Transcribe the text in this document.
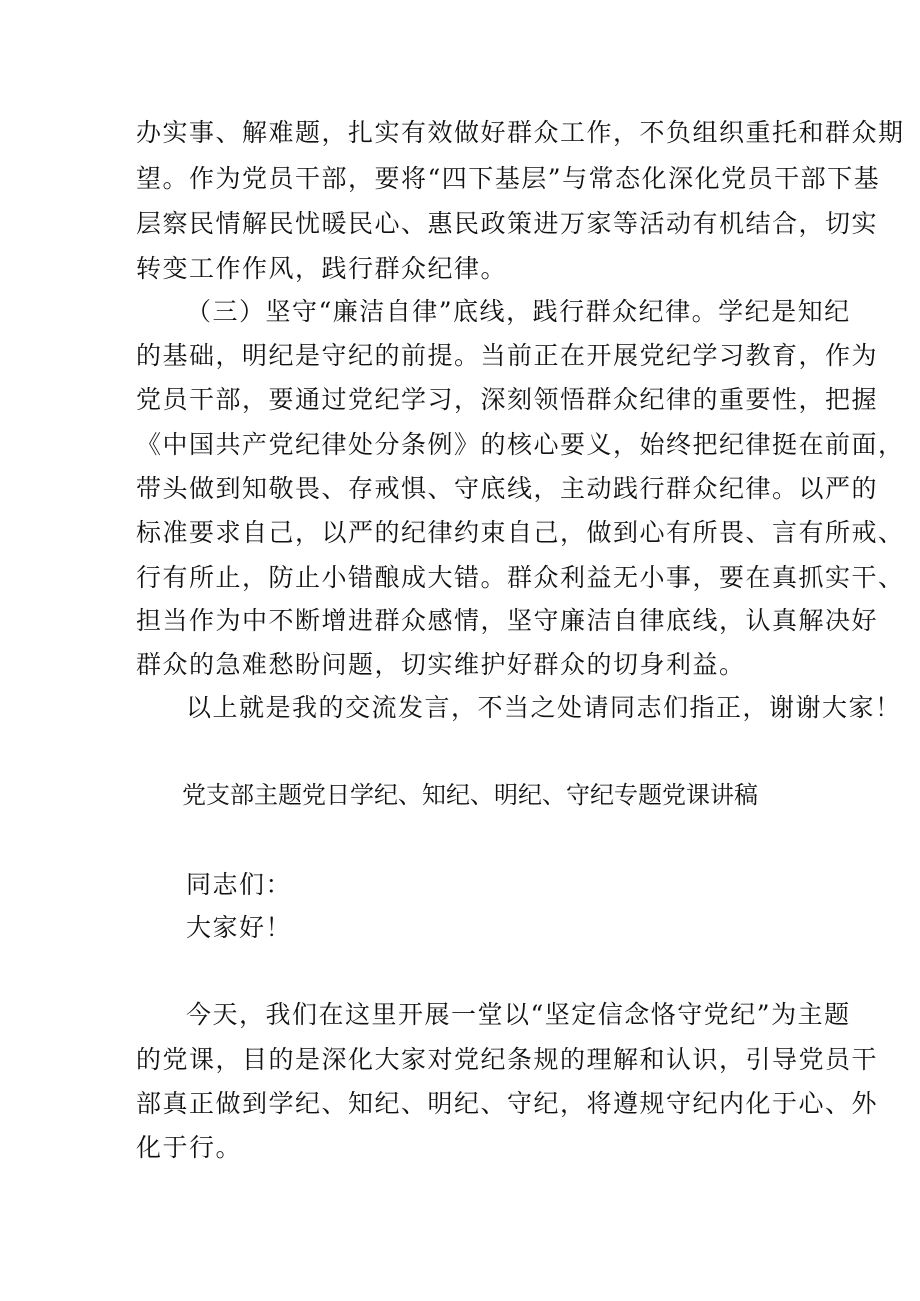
办实事、解难题，扎实有效做好群众工作，不负组织重托和群众期
望。作为党员干部，要将“四下基层”与常态化深化党员干部下基
层察民情解民忧暖民心、惠民政策进万家等活动有机结合，切实
转变工作作风，践行群众纪律。
（三）坚守“廉洁自律”底线，践行群众纪律。学纪是知纪
的基础，明纪是守纪的前提。当前正在开展党纪学习教育，作为
党员干部，要通过党纪学习，深刻领悟群众纪律的重要性，把握
《中国共产党纪律处分条例》的核心要义，始终把纪律挺在前面，
带头做到知敬畏、存戒惧、守底线，主动践行群众纪律。以严的
标准要求自己，以严的纪律约束自己，做到心有所畏、言有所戒、
行有所止，防止小错酿成大错。群众利益无小事，要在真抓实干、
担当作为中不断增进群众感情，坚守廉洁自律底线，认真解决好
群众的急难愁盼问题，切实维护好群众的切身利益。
以上就是我的交流发言，不当之处请同志们指正，谢谢大家！
党支部主题党日学纪、知纪、明纪、守纪专题党课讲稿
同志们：
大家好！
今天，我们在这里开展一堂以“坚定信念恪守党纪”为主题
的党课，目的是深化大家对党纪条规的理解和认识，引导党员干
部真正做到学纪、知纪、明纪、守纪，将遵规守纪内化于心、外
化于行。
